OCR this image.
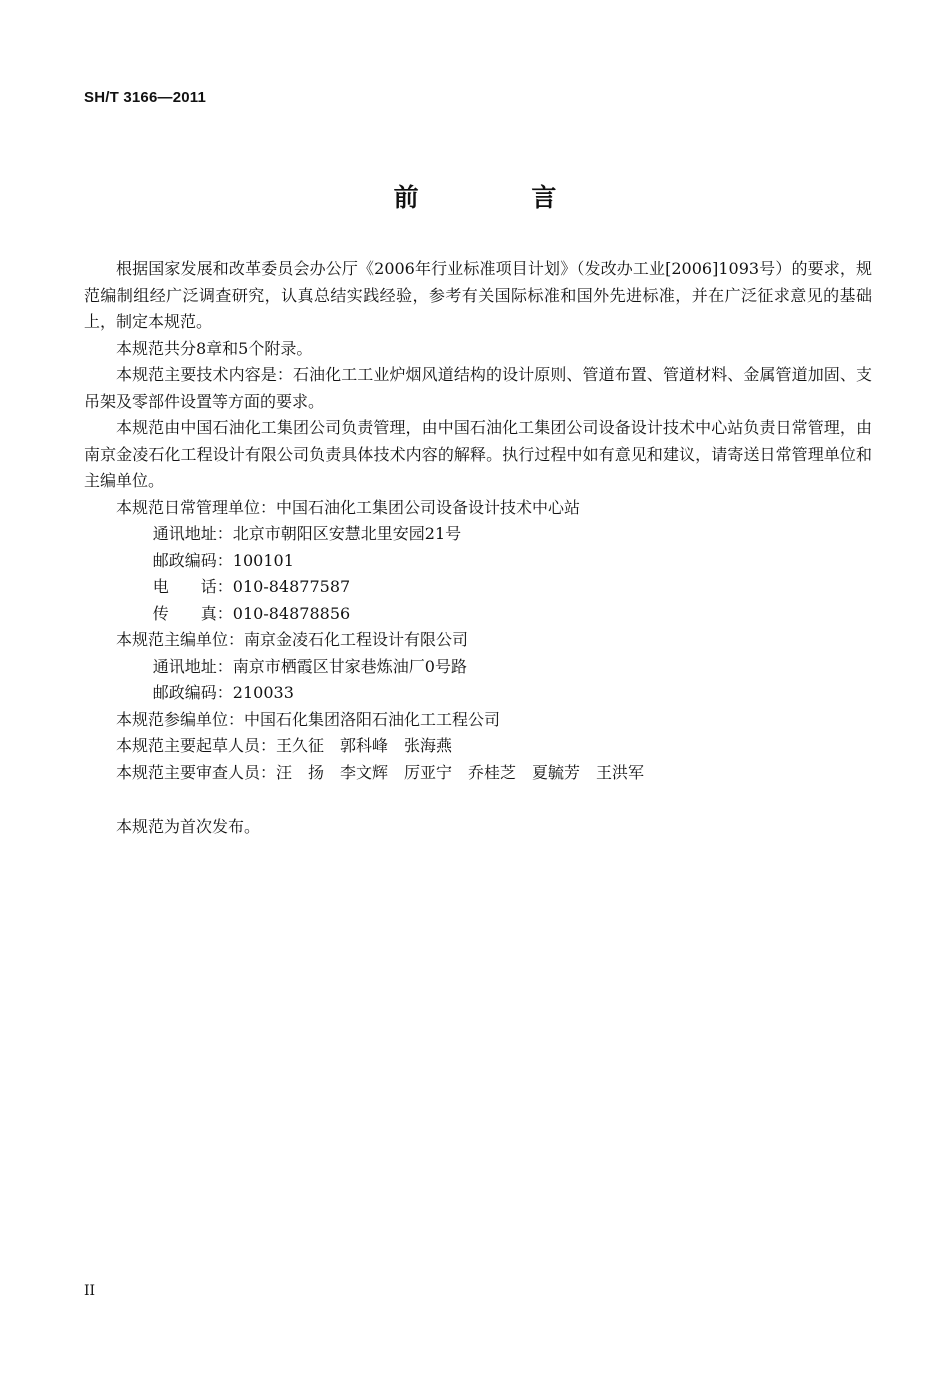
SH/T 3166—2011
前 言

根据国家发展和改革委员会办公厅《2006年行业标准项目计划》（发改办工业[2006]1093号）的要求，规范编制组经广泛调查研究，认真总结实践经验，参考有关国际标准和国外先进标准，并在广泛征求意见的基础上，制定本规范。

本规范共分8章和5个附录。

本规范主要技术内容是：石油化工工业炉烟风道结构的设计原则、管道布置、管道材料、金属管道加固、支吊架及零部件设置等方面的要求。

本规范由中国石油化工集团公司负责管理，由中国石油化工集团公司设备设计技术中心站负责日常管理，由南京金凌石化工程设计有限公司负责具体技术内容的解释。执行过程中如有意见和建议，请寄送日常管理单位和主编单位。

本规范日常管理单位：中国石油化工集团公司设备设计技术中心站

通讯地址：北京市朝阳区安慧北里安园21号

邮政编码：100101

电　　话：010-84877587

传　　真：010-84878856

本规范主编单位：南京金凌石化工程设计有限公司

通讯地址：南京市栖霞区甘家巷炼油厂0号路

邮政编码：210033

本规范参编单位：中国石化集团洛阳石油化工工程公司

本规范主要起草人员：王久征　郭科峰　张海燕

本规范主要审查人员：汪　扬　李文辉　厉亚宁　乔桂芝　夏毓芳　王洪军

本规范为首次发布。

II
